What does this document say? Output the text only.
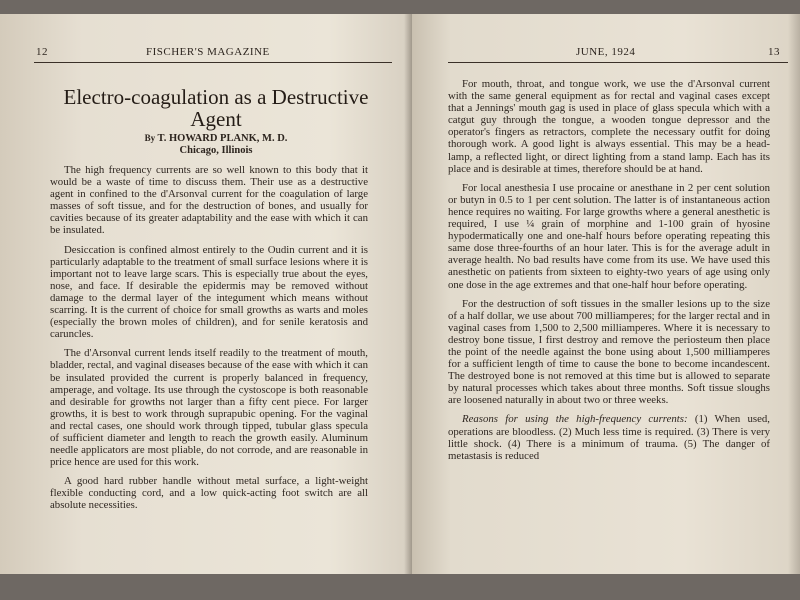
12	FISCHER'S MAGAZINE
Electro-coagulation as a Destructive
Agent
By T. HOWARD PLANK, M. D.
Chicago, Illinois

The high frequency currents are so well known to this body that it would be a waste of time to discuss them. Their use as a destructive agent in confined to the d'Arsonval current for the coagulation of large masses of soft tissue, and for the destruction of bones, and usually for cavities because of its greater adaptability and the ease with which it can be insulated.

Desiccation is confined almost entirely to the Oudin current and it is particularly adaptable to the treatment of small surface lesions where it is important not to leave large scars. This is especially true about the eyes, nose, and face. If desirable the epidermis may be removed without damage to the dermal layer of the integument which means without scarring. It is the current of choice for small growths as warts and moles (especially the brown moles of children), and for senile keratosis and caruncles.

The d'Arsonval current lends itself readily to the treatment of mouth, bladder, rectal, and vaginal diseases because of the ease with which it can be insulated provided the current is properly balanced in frequency, amperage, and voltage. Its use through the cystoscope is both reasonable and desirable for growths not larger than a fifty cent piece. For larger growths, it is best to work through suprapubic opening. For the vaginal and rectal cases, one should work through tipped, tubular glass specula of sufficient diameter and length to reach the growth easily. Aluminum needle applicators are most pliable, do not corrode, and are reasonable in price hence are used for this work.

A good hard rubber handle without metal surface, a light-weight flexible conducting cord, and a low quick-acting foot switch are all absolute necessities.

JUNE, 1924	13

For mouth, throat, and tongue work, we use the d'Arsonval current with the same general equipment as for rectal and vaginal cases except that a Jennings' mouth gag is used in place of glass specula which with a catgut guy through the tongue, a wooden tongue depressor and the operator's fingers as retractors, complete the necessary outfit for doing thorough work. A good light is always essential. This may be a head-lamp, a reflected light, or direct lighting from a stand lamp. Each has its place and is desirable at times, therefore should be at hand.

For local anesthesia I use procaine or anesthane in 2 per cent solution or butyn in 0.5 to 1 per cent solution. The latter is of instantaneous action hence requires no waiting. For large growths where a general anesthetic is required, I use ¼ grain of morphine and 1-100 grain of hyosine hypodermatically one and one-half hours before operating repeating this same dose three-fourths of an hour later. This is for the average adult in average health. No bad results have come from its use. We have used this anesthetic on patients from sixteen to eighty-two years of age using only one dose in the age extremes and that one-half hour before operating.

For the destruction of soft tissues in the smaller lesions up to the size of a half dollar, we use about 700 milliamperes; for the larger rectal and in vaginal cases from 1,500 to 2,500 milliamperes. Where it is necessary to destroy bone tissue, I first destroy and remove the periosteum then place the point of the needle against the bone using about 1,500 milliamperes for a sufficient length of time to cause the bone to become incandescent. The destroyed bone is not removed at this time but is allowed to separate by natural processes which takes about three months. Soft tissue sloughs are loosened naturally in about two or three weeks.

Reasons for using the high-frequency currents: (1) When used, operations are bloodless. (2) Much less time is required. (3) There is very little shock. (4) There is a minimum of trauma. (5) The danger of metastasis is reduced
